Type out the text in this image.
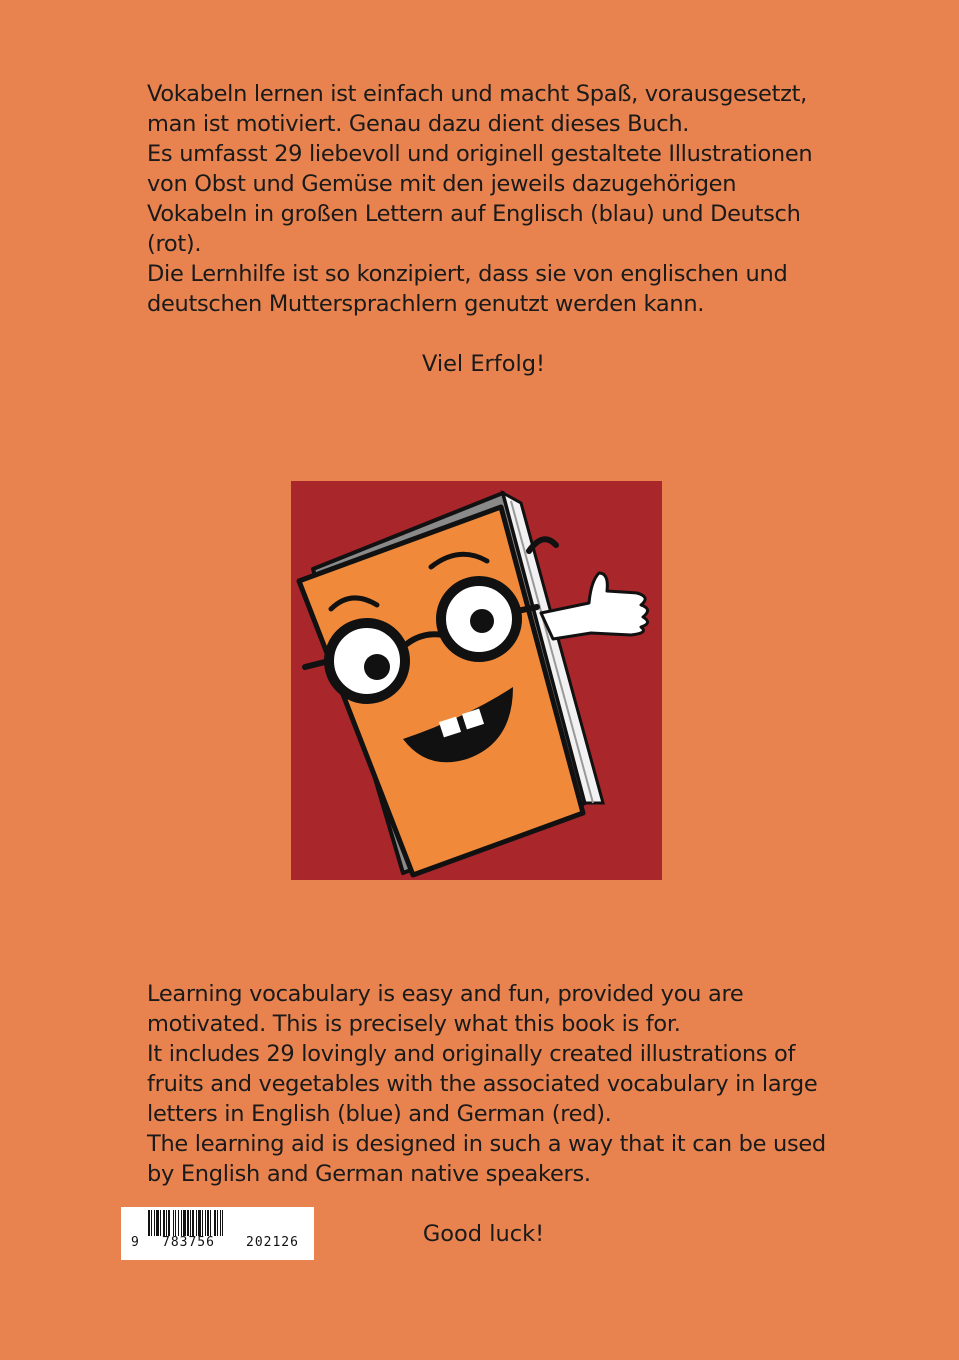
Vokabeln lernen ist einfach und macht Spaß, vorausgesetzt, man ist motiviert. Genau dazu dient dieses Buch.

Es umfasst 29 liebevoll und originell gestaltete Illustrationen von Obst und Gemüse mit den jeweils dazugehörigen Vokabeln in großen Lettern auf Englisch (blau) und Deutsch (rot).

Die Lernhilfe ist so konzipiert, dass sie von englischen und deutschen Muttersprachlern genutzt werden kann.

Viel Erfolg!

Learning vocabulary is easy and fun, provided you are motivated. This is precisely what this book is for.

It includes 29 lovingly and originally created illustrations of fruits and vegetables with the associated vocabulary in large letters in English (blue) and German (red).

The learning aid is designed in such a way that it can be used by English and German native speakers.

Good luck!
9 783756 202126
